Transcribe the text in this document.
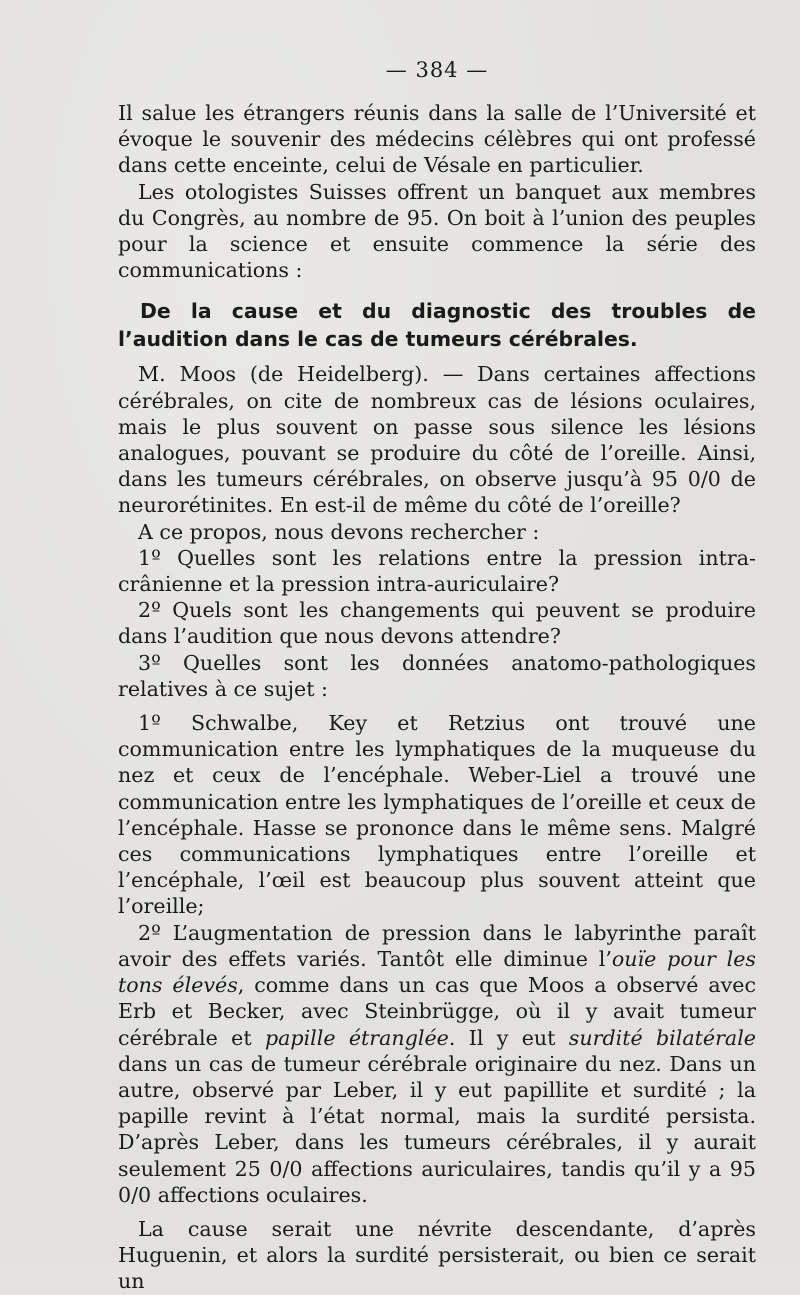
— 384 —

Il salue les étrangers réunis dans la salle de l’Université et évoque le souvenir des médecins célèbres qui ont professé dans cette enceinte, celui de Vésale en particulier.

Les otologistes Suisses offrent un banquet aux membres du Congrès, au nombre de 95. On boit à l’union des peuples pour la science et ensuite commence la série des communications :

De la cause et du diagnostic des troubles de l’audition dans le cas de tumeurs cérébrales.

M. Moos (de Heidelberg). — Dans certaines affections cérébrales, on cite de nombreux cas de lésions oculaires, mais le plus souvent on passe sous silence les lésions analogues, pouvant se produire du côté de l’oreille. Ainsi, dans les tumeurs cérébrales, on observe jusqu’à 95 0/0 de neurorétinites. En est-il de même du côté de l’oreille?

A ce propos, nous devons rechercher :

1º Quelles sont les relations entre la pression intra-crânienne et la pression intra-auriculaire?

2º Quels sont les changements qui peuvent se produire dans l’audition que nous devons attendre?

3º Quelles sont les données anatomo-pathologiques relatives à ce sujet :

1º Schwalbe, Key et Retzius ont trouvé une communication entre les lymphatiques de la muqueuse du nez et ceux de l’encéphale. Weber-Liel a trouvé une communication entre les lymphatiques de l’oreille et ceux de l’encéphale. Hasse se prononce dans le même sens. Malgré ces communications lymphatiques entre l’oreille et l’encéphale, l’œil est beaucoup plus souvent atteint que l’oreille;

2º L’augmentation de pression dans le labyrinthe paraît avoir des effets variés. Tantôt elle diminue l’ouïe pour les tons élevés, comme dans un cas que Moos a observé avec Erb et Becker, avec Steinbrügge, où il y avait tumeur cérébrale et papille étranglée. Il y eut surdité bilatérale dans un cas de tumeur cérébrale originaire du nez. Dans un autre, observé par Leber, il y eut papillite et surdité ; la papille revint à l’état normal, mais la surdité persista. D’après Leber, dans les tumeurs cérébrales, il y aurait seulement 25 0/0 affections auriculaires, tandis qu’il y a 95 0/0 affections oculaires.

La cause serait une névrite descendante, d’après Huguenin, et alors la surdité persisterait, ou bien ce serait un
